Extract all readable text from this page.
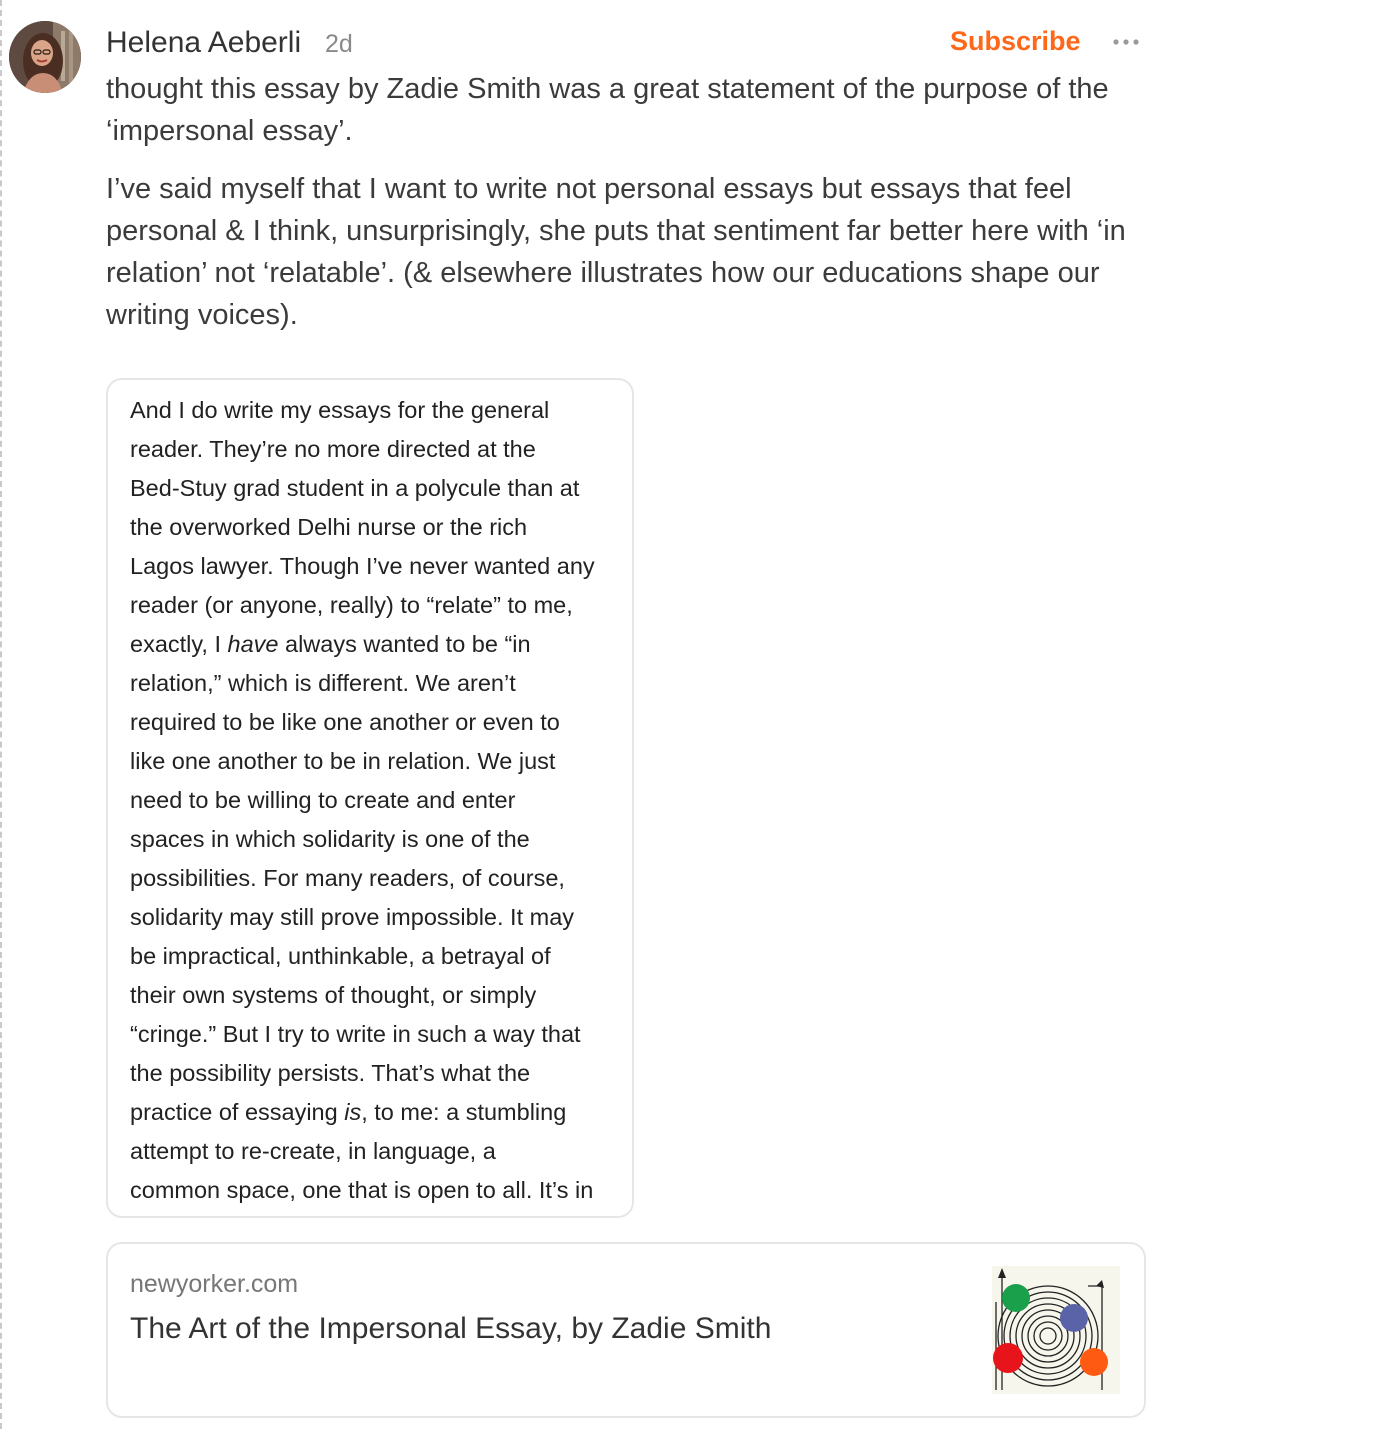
Helena Aeberli 2d	Subscribe

thought this essay by Zadie Smith was a great statement of the purpose of the ‘impersonal essay’.

I’ve said myself that I want to write not personal essays but essays that feel personal & I think, unsurprisingly, she puts that sentiment far better here with ‘in relation’ not ‘relatable’. (& elsewhere illustrates how our educations shape our writing voices).

And I do write my essays for the general
reader. They’re no more directed at the
Bed-Stuy grad student in a polycule than at
the overworked Delhi nurse or the rich
Lagos lawyer. Though I’ve never wanted any
reader (or anyone, really) to “relate” to me,
exactly, I have always wanted to be “in
relation,” which is different. We aren’t
required to be like one another or even to
like one another to be in relation. We just
need to be willing to create and enter
spaces in which solidarity is one of the
possibilities. For many readers, of course,
solidarity may still prove impossible. It may
be impractical, unthinkable, a betrayal of
their own systems of thought, or simply
“cringe.” But I try to write in such a way that
the possibility persists. That’s what the
practice of essaying is, to me: a stumbling
attempt to re-create, in language, a
common space, one that is open to all. It’s in
newyorker.com
The Art of the Impersonal Essay, by Zadie Smith
